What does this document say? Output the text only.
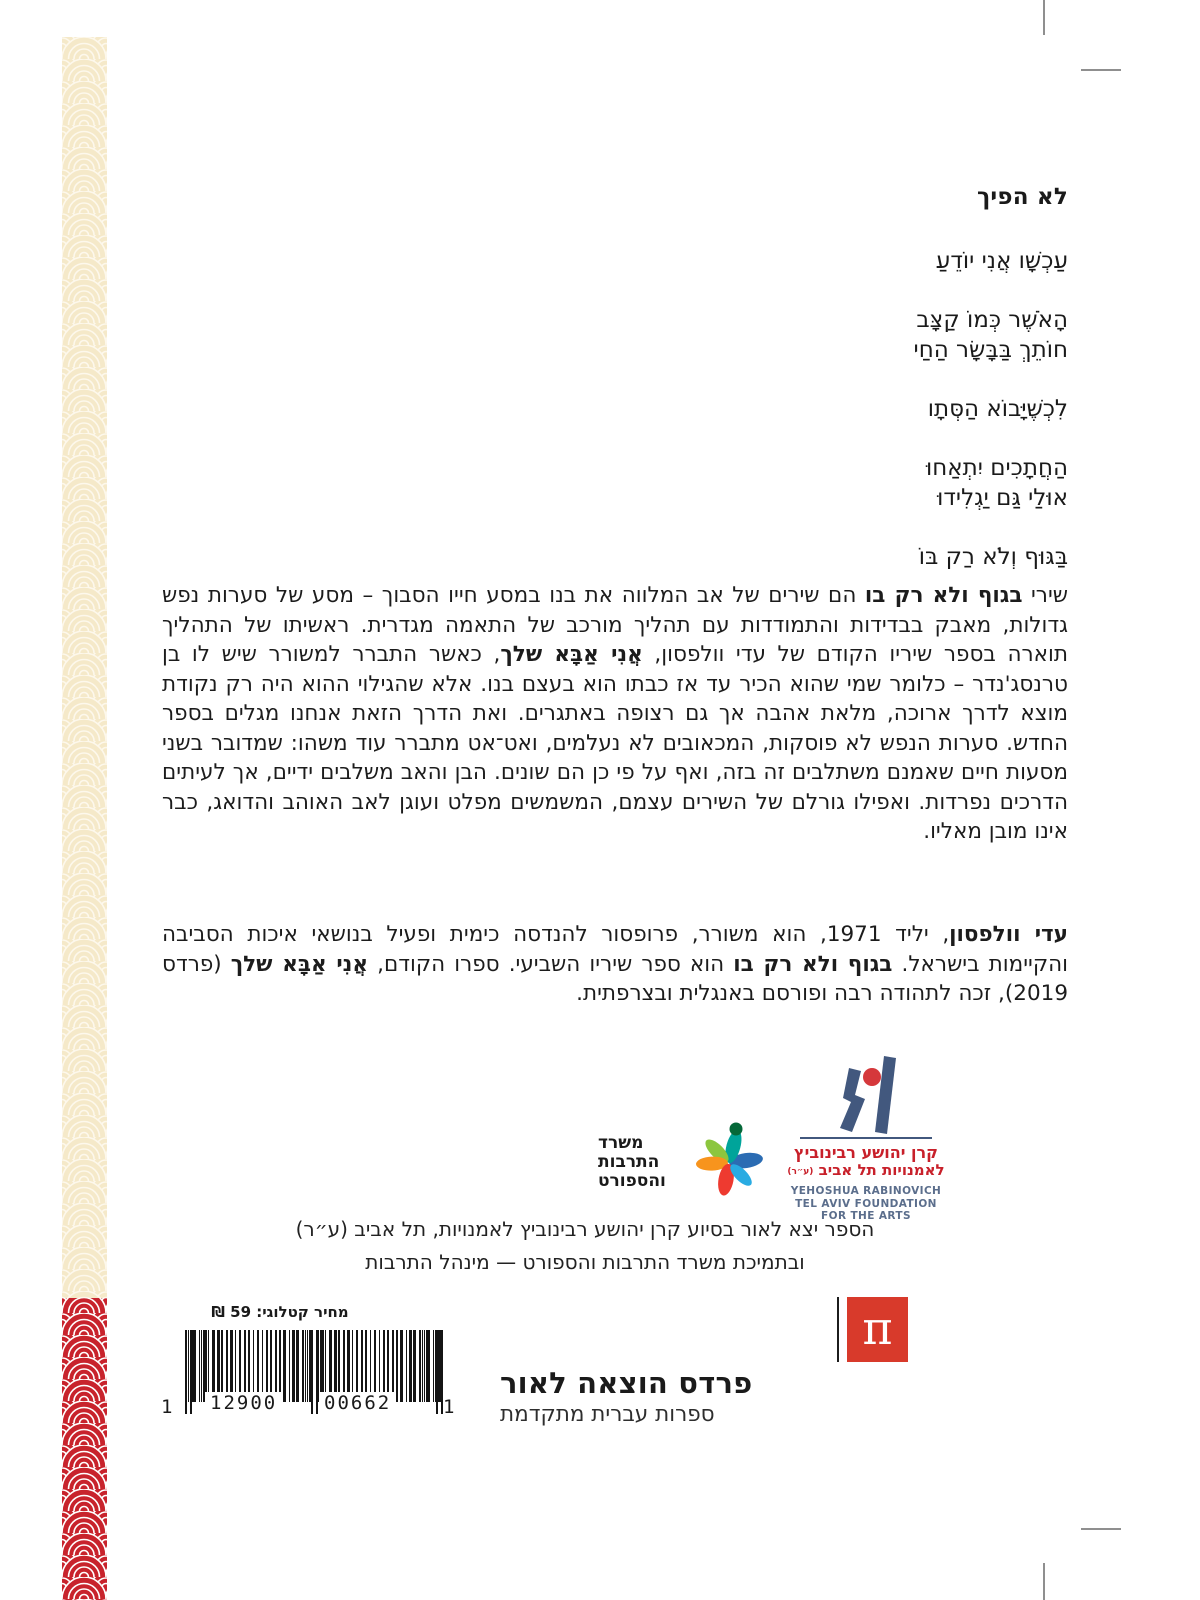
לא הפיך
עַכְשָׁו אֲנִי יוֹדֵעַ
הָאֹשֶׁר כְּמוֹ קַצָּב
חוֹתֵךְ בַּבָּשָׂר הַחַי
לִכְשֶׁיָּבוֹא הַסְּתָו
הַחֲתָכִים יִתְאַחוּ
אוּלַי גַּם יַגְלִידוּ
בַּגּוּף וְלֹא רַק בּוֹ

שירי בגוף ולא רק בו הם שירים של אב המלווה את בנו במסע חייו הסבוך – מסע של סערות נפש גדולות, מאבק בבדידות והתמודדות עם תהליך מורכב של התאמה מגדרית. ראשיתו של התהליך תוארה בספר שיריו הקודם של עדי וולפסון, אֲנִי אַבָּא שלך, כאשר התברר למשורר שיש לו בן טרנסג'נדר – כלומר שמי שהוא הכיר עד אז כבתו הוא בעצם בנו. אלא שהגילוי ההוא היה רק נקודת מוצא לדרך ארוכה, מלאת אהבה אך גם רצופה באתגרים. ואת הדרך הזאת אנחנו מגלים בספר החדש. סערות הנפש לא פוסקות, המכאובים לא נעלמים, ואט־אט מתברר עוד משהו: שמדובר בשני מסעות חיים שאמנם משתלבים זה בזה, ואף על פי כן הם שונים. הבן והאב משלבים ידיים, אך לעיתים הדרכים נפרדות. ואפילו גורלם של השירים עצמם, המשמשים מפלט ועוגן לאב האוהב והדואג, כבר אינו מובן מאליו.

עדי וולפסון, יליד 1971, הוא משורר, פרופסור להנדסה כימית ופעיל בנושאי איכות הסביבה והקיימות בישראל. בגוף ולא רק בו הוא ספר שיריו השביעי. ספרו הקודם, אֲנִי אַבָּא שלך (פרדס 2019), זכה לתהודה רבה ופורסם באנגלית ובצרפתית.

משרד
התרבות
והספורט
קרן יהושע רבינוביץ
לאמנויות תל אביב (ע״ר)
YEHOSHUA RABINOVICH
TEL AVIV FOUNDATION
FOR THE ARTS
הספר יצא לאור בסיוע קרן יהושע רבינוביץ לאמנויות, תל אביב (ע״ר)
ובתמיכת משרד התרבות והספורט — מינהל התרבות
מחיר קטלוגי: 59 ₪
1 12900 00662	1
π
פרדס הוצאה לאור
ספרות עברית מתקדמת
